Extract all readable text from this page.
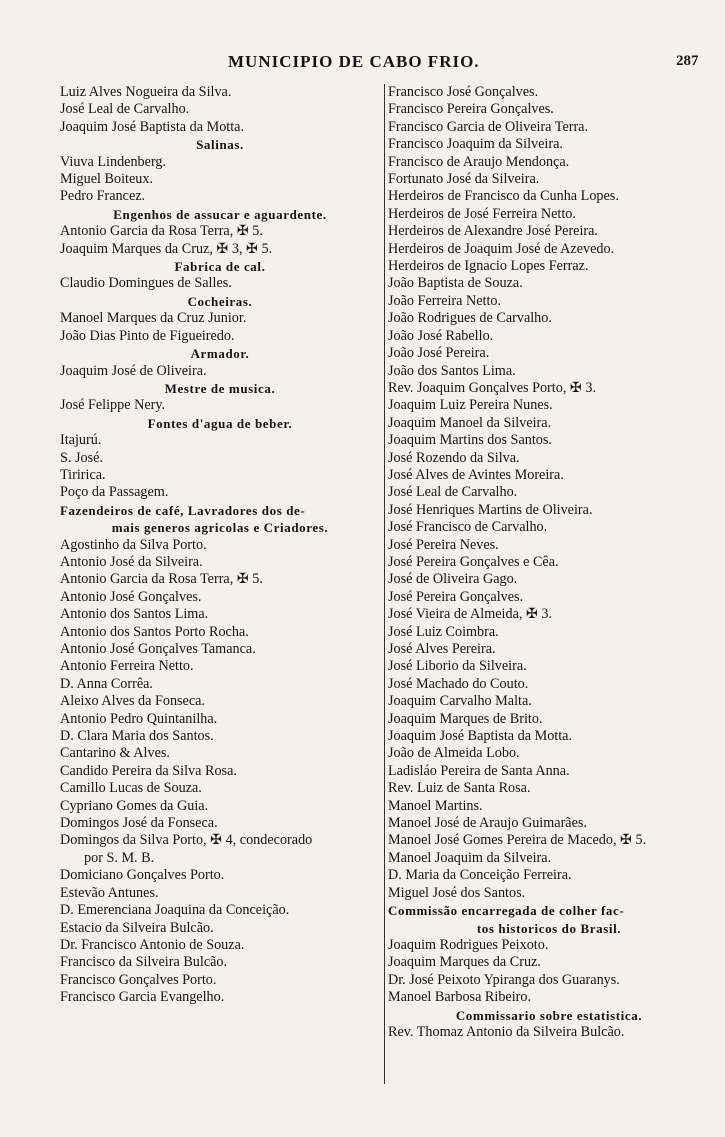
MUNICIPIO DE CABO FRIO.	287
Luiz Alves Nogueira da Silva.
José Leal de Carvalho.
Joaquim José Baptista da Motta.
Salinas.
Viuva Lindenberg.
Miguel Boiteux.
Pedro Francez.
Engenhos de assucar e aguardente.
Antonio Garcia da Rosa Terra, ✠ 5.
Joaquim Marques da Cruz, ✠ 3, ✠ 5.
Fabrica de cal.
Claudio Domingues de Salles.
Cocheiras.
Manoel Marques da Cruz Junior.
João Dias Pinto de Figueiredo.
Armador.
Joaquim José de Oliveira.
Mestre de musica.
José Felippe Nery.
Fontes d'agua de beber.
Itajurú.
S. José.
Tiririca.
Poço da Passagem.
Fazendeiros de café, Lavradores dos de-
mais generos agricolas e Criadores.
Agostinho da Silva Porto.
Antonio José da Silveira.
Antonio Garcia da Rosa Terra, ✠ 5.
Antonio José Gonçalves.
Antonio dos Santos Lima.
Antonio dos Santos Porto Rocha.
Antonio José Gonçalves Tamanca.
Antonio Ferreira Netto.
D. Anna Corrêa.
Aleixo Alves da Fonseca.
Antonio Pedro Quintanilha.
D. Clara Maria dos Santos.
Cantarino & Alves.
Candido Pereira da Silva Rosa.
Camillo Lucas de Souza.
Cypriano Gomes da Guia.
Domingos José da Fonseca.
Domingos da Silva Porto, ✠ 4, condecorado
por S. M. B.
Domiciano Gonçalves Porto.
Estevão Antunes.
D. Emerenciana Joaquina da Conceição.
Estacio da Silveira Bulcão.
Dr. Francisco Antonio de Souza.
Francisco da Silveira Bulcão.
Francisco Gonçalves Porto.
Francisco Garcia Evangelho.
Francisco José Gonçalves.
Francisco Pereira Gonçalves.
Francisco Garcia de Oliveira Terra.
Francisco Joaquim da Silveira.
Francisco de Araujo Mendonça.
Fortunato José da Silveira.
Herdeiros de Francisco da Cunha Lopes.
Herdeiros de José Ferreira Netto.
Herdeiros de Alexandre José Pereira.
Herdeiros de Joaquim José de Azevedo.
Herdeiros de Ignacio Lopes Ferraz.
João Baptista de Souza.
João Ferreira Netto.
João Rodrigues de Carvalho.
João José Rabello.
João José Pereira.
João dos Santos Lima.
Rev. Joaquim Gonçalves Porto, ✠ 3.
Joaquim Luiz Pereira Nunes.
Joaquim Manoel da Silveira.
Joaquim Martins dos Santos.
José Rozendo da Silva.
José Alves de Avintes Moreira.
José Leal de Carvalho.
José Henriques Martins de Oliveira.
José Francisco de Carvalho.
José Pereira Neves.
José Pereira Gonçalves e Cêa.
José de Oliveira Gago.
José Pereira Gonçalves.
José Vieira de Almeida, ✠ 3.
José Luiz Coimbra.
José Alves Pereira.
José Liborio da Silveira.
José Machado do Couto.
Joaquim Carvalho Malta.
Joaquim Marques de Brito.
Joaquim José Baptista da Motta.
João de Almeida Lobo.
Ladisláo Pereira de Santa Anna.
Rev. Luiz de Santa Rosa.
Manoel Martins.
Manoel José de Araujo Guimarães.
Manoel José Gomes Pereira de Macedo, ✠ 5.
Manoel Joaquim da Silveira.
D. Maria da Conceição Ferreira.
Miguel José dos Santos.
Commissão encarregada de colher fac-
tos historicos do Brasil.
Joaquim Rodrigues Peixoto.
Joaquim Marques da Cruz.
Dr. José Peixoto Ypiranga dos Guaranys.
Manoel Barbosa Ribeiro.
Commissario sobre estatistica.
Rev. Thomaz Antonio da Silveira Bulcão.
